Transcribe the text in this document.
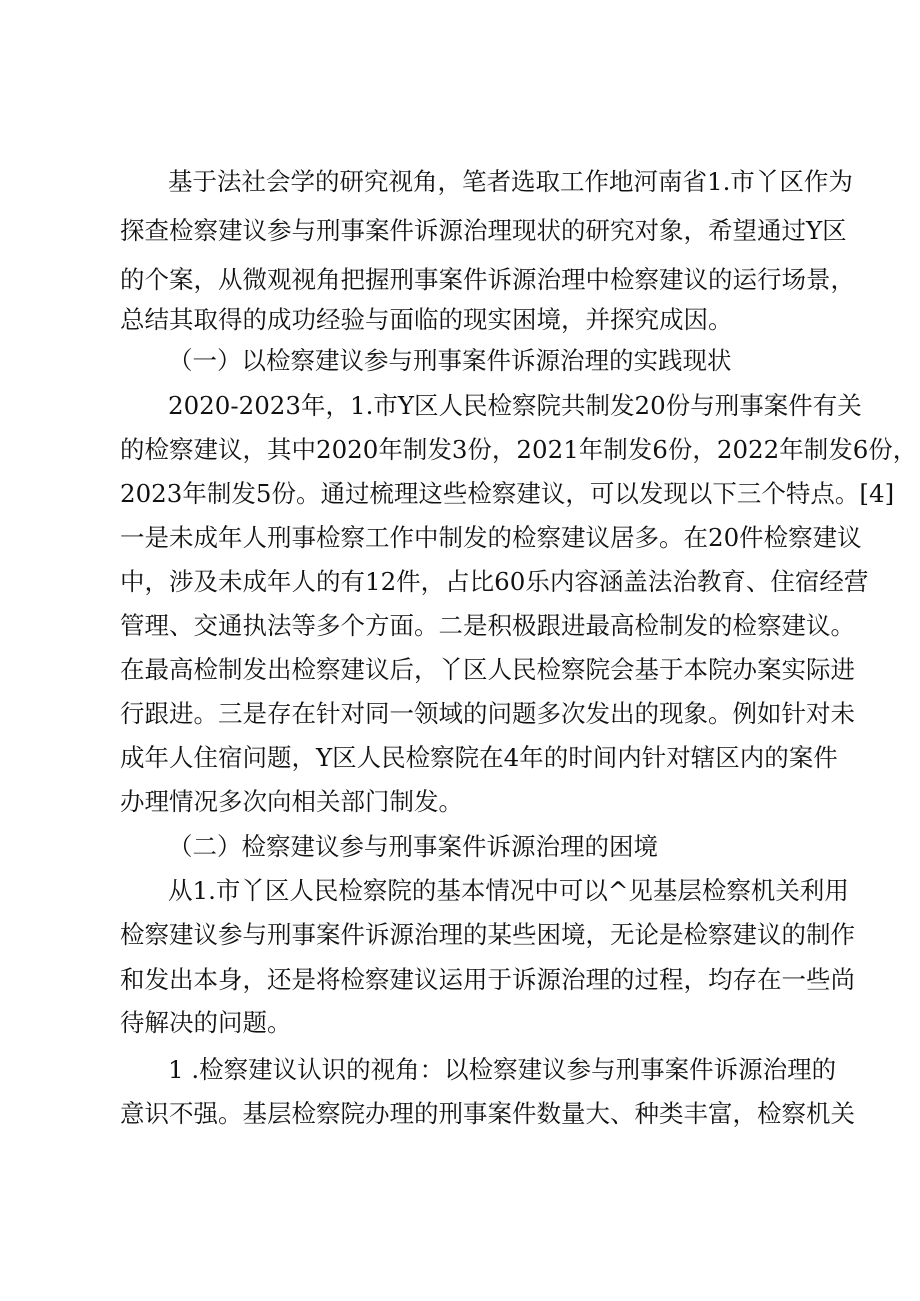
基于法社会学的研究视角，笔者选取工作地河南省1.市丫区作为
探查检察建议参与刑事案件诉源治理现状的研究对象，希望通过Y区
的个案，从微观视角把握刑事案件诉源治理中检察建议的运行场景，
总结其取得的成功经验与面临的现实困境，并探究成因。
（一）以检察建议参与刑事案件诉源治理的实践现状
2020-2023年，1.市Y区人民检察院共制发20份与刑事案件有关
的检察建议，其中2020年制发3份，2021年制发6份，2022年制发6份，
2023年制发5份。通过梳理这些检察建议，可以发现以下三个特点。[4]
一是未成年人刑事检察工作中制发的检察建议居多。在20件检察建议
中，涉及未成年人的有12件，占比60乐内容涵盖法治教育、住宿经营
管理、交通执法等多个方面。二是积极跟进最高检制发的检察建议。
在最高检制发出检察建议后，丫区人民检察院会基于本院办案实际进
行跟进。三是存在针对同一领域的问题多次发出的现象。例如针对未
成年人住宿问题，Y区人民检察院在4年的时间内针对辖区内的案件
办理情况多次向相关部门制发。
（二）检察建议参与刑事案件诉源治理的困境
从1.市丫区人民检察院的基本情况中可以^见基层检察机关利用
检察建议参与刑事案件诉源治理的某些困境，无论是检察建议的制作
和发出本身，还是将检察建议运用于诉源治理的过程，均存在一些尚
待解决的问题。
1 .检察建议认识的视角：以检察建议参与刑事案件诉源治理的
意识不强。基层检察院办理的刑事案件数量大、种类丰富，检察机关
